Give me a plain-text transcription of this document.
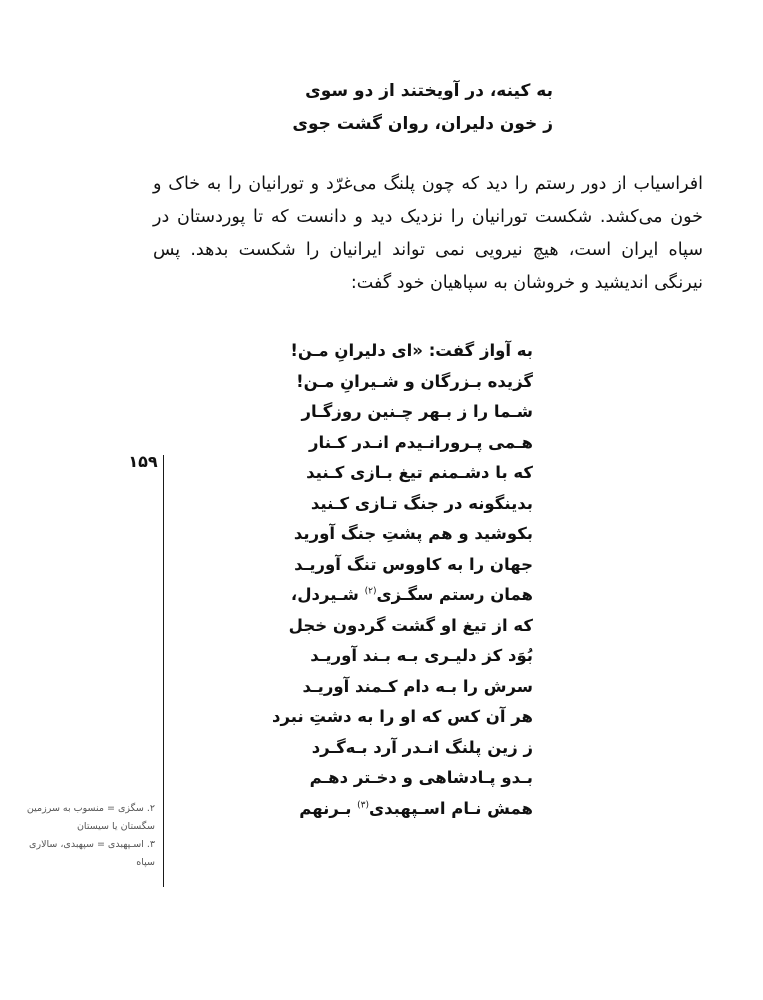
به کینه، در آویختند از دو سوی
ز خون دلیران، روان گشت جوی
افراسیاب از دور رستم را دید که چون پلنگ می‌غرّد و تورانیان را به خاک و خون می‌کشد. شکست تورانیان را نزدیک دید و دانست که تا پوردستان در سپاه ایران است، هیچ نیرویی نمی تواند ایرانیان را شکست بدهد. پس نیرنگی اندیشید و خروشان به سپاهیان خود گفت:
به آواز گفت: «ای دلیرانِ مـن!
گزیده بـزرگان و شـیرانِ مـن!
شـما را ز بـهر چـنین روزگـار
هـمی پـرورانـیدم انـدر کـنار
که با دشـمنم تیغ بـازی کـنید
بدینگونه در جنگ تـازی کـنید
بکوشید و هم پشتِ جنگ آورید
جهان را به کاووس تنگ آوریـد
همان رستم سگـزی$^{(۲)}$ شـیردل،
که از تیغ او گشت گردون خجل
بُوَد کز دلیـری بـه بـند آوریـد
سرش را بـه دام کـمند آوریـد
هر آن کس که او را به دشتِ نبرد
ز زین پلنگ انـدر آرد بـه‌گـرد
بـدو پـادشاهی و دخـتر دهـم
همش نـام اسـپهبدی$^{(۳)}$ بـرنهم
۱۵۹
۲. سگزی = منسوب به سرزمین
سگستان یا سیستان
۳. اسـپهبدی = سپهبدی، سالاری
سپاه
